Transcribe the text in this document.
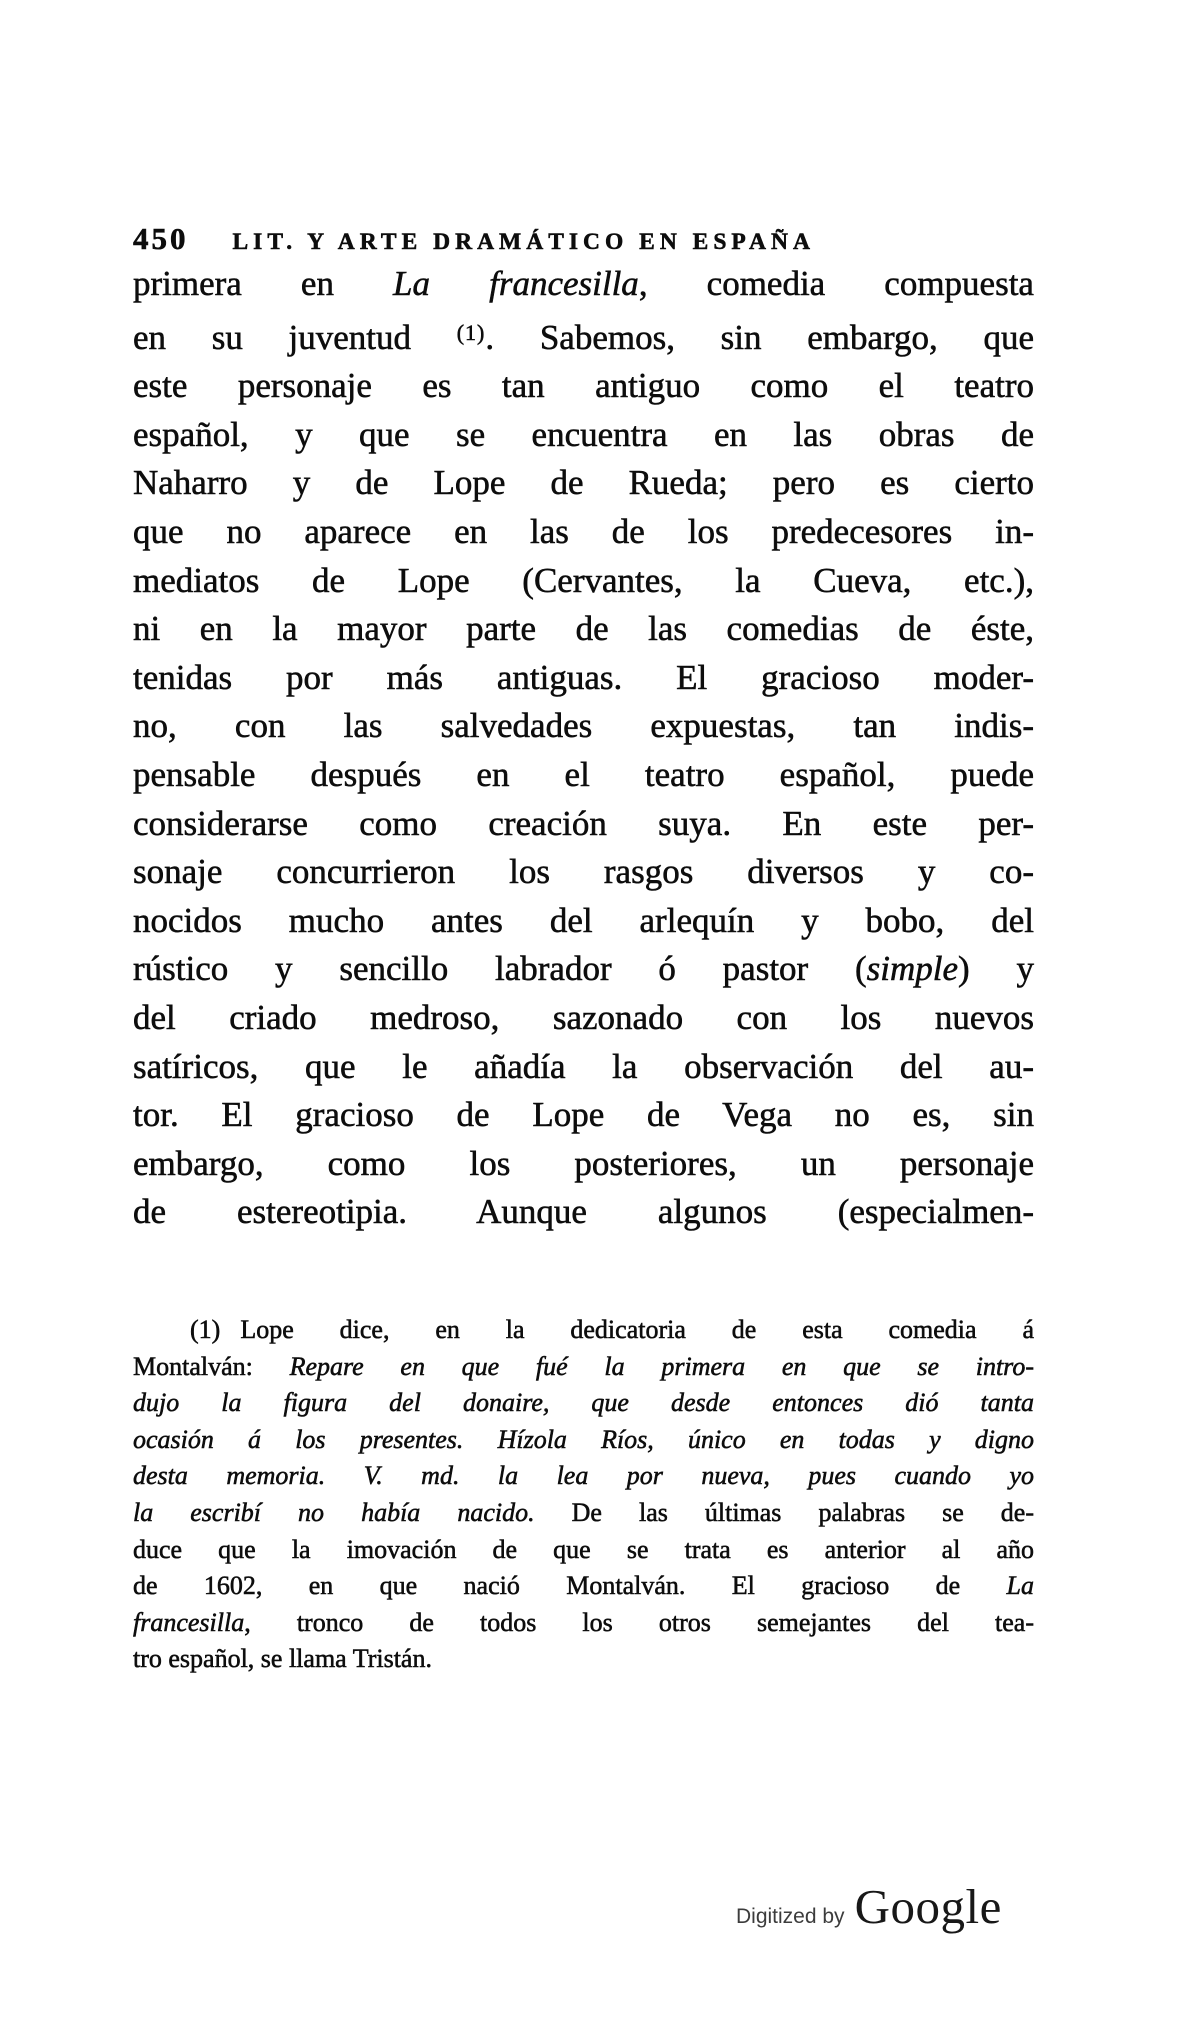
450 LIT. Y ARTE DRAMÁTICO EN ESPAÑA
primera en La francesilla, comedia compuesta
en su juventud $^{(1)}$. Sabemos, sin embargo, que
este personaje es tan antiguo como el teatro
español, y que se encuentra en las obras de
Naharro y de Lope de Rueda; pero es cierto
que no aparece en las de los predecesores in-
mediatos de Lope (Cervantes, la Cueva, etc.),
ni en la mayor parte de las comedias de éste,
tenidas por más antiguas. El gracioso moder-
no, con las salvedades expuestas, tan indis-
pensable después en el teatro español, puede
considerarse como creación suya. En este per-
sonaje concurrieron los rasgos diversos y co-
nocidos mucho antes del arlequín y bobo, del
rústico y sencillo labrador ó pastor (simple) y
del criado medroso, sazonado con los nuevos
satíricos, que le añadía la observación del au-
tor. El gracioso de Lope de Vega no es, sin
embargo, como los posteriores, un personaje
de estereotipia. Aunque algunos (especialmen-
(1) Lope dice, en la dedicatoria de esta comedia á
Montalván: Repare en que fué la primera en que se intro-
dujo la figura del donaire, que desde entonces dió tanta
ocasión á los presentes. Hízola Ríos, único en todas y digno
desta memoria. V. md. la lea por nueva, pues cuando yo
la escribí no había nacido. De las últimas palabras se de-
duce que la imovación de que se trata es anterior al año
de 1602, en que nació Montalván. El gracioso de La
francesilla, tronco de todos los otros semejantes del tea-
tro español, se llama Tristán.
Digitized by Google
